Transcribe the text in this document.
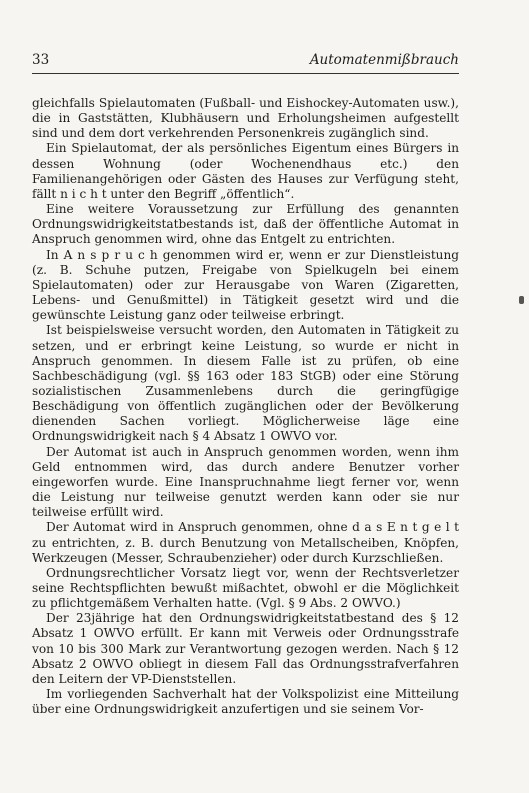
33	Automatenmißbrauch

gleichfalls Spielautomaten (Fußball- und Eishockey-Automaten usw.), die in Gaststätten, Klubhäusern und Erholungsheimen aufgestellt sind und dem dort verkehrenden Personenkreis zugänglich sind.

Ein Spielautomat, der als persönliches Eigentum eines Bürgers in dessen Wohnung (oder Wochenendhaus etc.) den Familienangehörigen oder Gästen des Hauses zur Verfügung steht, fällt n i c h t unter den Begriff „öffentlich“.

Eine weitere Voraussetzung zur Erfüllung des genannten Ordnungswidrigkeitstatbestands ist, daß der öffentliche Automat in Anspruch genommen wird, ohne das Entgelt zu entrichten.

In A n s p r u c h genommen wird er, wenn er zur Dienstleistung (z. B. Schuhe putzen, Freigabe von Spielkugeln bei einem Spielautomaten) oder zur Herausgabe von Waren (Zigaretten, Lebens- und Genußmittel) in Tätigkeit gesetzt wird und die gewünschte Leistung ganz oder teilweise erbringt.

Ist beispielsweise versucht worden, den Automaten in Tätigkeit zu setzen, und er erbringt keine Leistung, so wurde er nicht in Anspruch genommen. In diesem Falle ist zu prüfen, ob eine Sachbeschädigung (vgl. §§ 163 oder 183 StGB) oder eine Störung sozialistischen Zusammenlebens durch die geringfügige Beschädigung von öffentlich zugänglichen oder der Bevölkerung dienenden Sachen vorliegt. Möglicherweise läge eine Ordnungswidrigkeit nach § 4 Absatz 1 OWVO vor.

Der Automat ist auch in Anspruch genommen worden, wenn ihm Geld entnommen wird, das durch andere Benutzer vorher eingeworfen wurde. Eine Inanspruchnahme liegt ferner vor, wenn die Leistung nur teilweise genutzt werden kann oder sie nur teilweise erfüllt wird.

Der Automat wird in Anspruch genommen, ohne d a s E n t g e l t zu entrichten, z. B. durch Benutzung von Metallscheiben, Knöpfen, Werkzeugen (Messer, Schraubenzieher) oder durch Kurzschließen.

Ordnungsrechtlicher Vorsatz liegt vor, wenn der Rechtsverletzer seine Rechtspflichten bewußt mißachtet, obwohl er die Möglichkeit zu pflichtgemäßem Verhalten hatte. (Vgl. § 9 Abs. 2 OWVO.)

Der 23jährige hat den Ordnungswidrigkeitstatbestand des § 12 Absatz 1 OWVO erfüllt. Er kann mit Verweis oder Ordnungsstrafe von 10 bis 300 Mark zur Verantwortung gezogen werden. Nach § 12 Absatz 2 OWVO obliegt in diesem Fall das Ordnungsstrafverfahren den Leitern der VP-Dienststellen.

Im vorliegenden Sachverhalt hat der Volkspolizist eine Mitteilung über eine Ordnungswidrigkeit anzufertigen und sie seinem Vor-
